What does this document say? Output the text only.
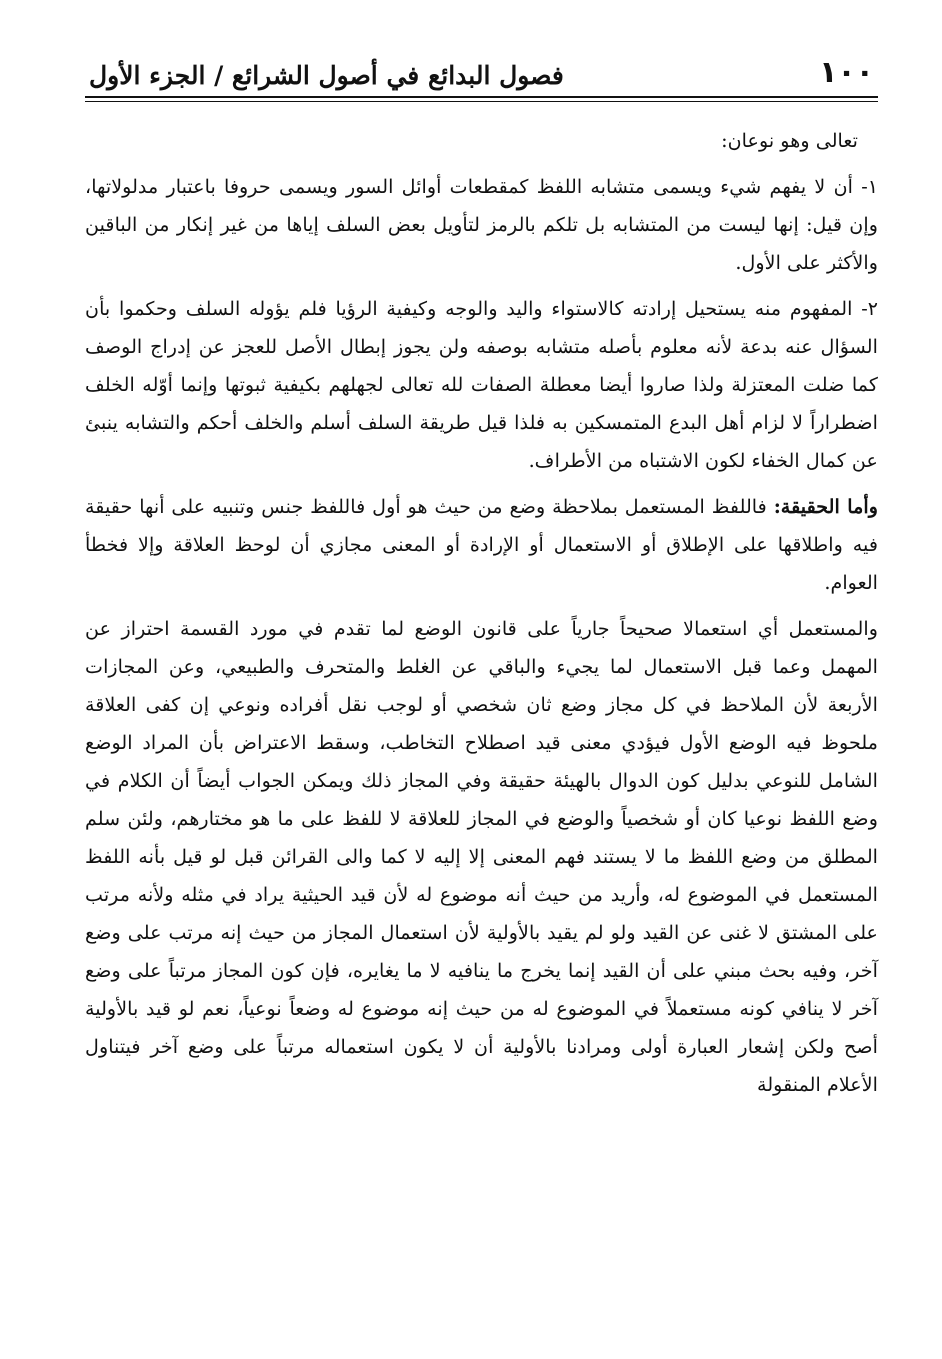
١٠٠
فصول البدائع في أصول الشرائع / الجزء الأول

تعالى وهو نوعان:

١- أن لا يفهم شيء ويسمى متشابه اللفظ كمقطعات أوائل السور ويسمى حروفا باعتبار مدلولاتها، وإن قيل: إنها ليست من المتشابه بل تلكم بالرمز لتأويل بعض السلف إياها من غير إنكار من الباقين والأكثر على الأول.

٢- المفهوم منه يستحيل إرادته كالاستواء واليد والوجه وكيفية الرؤيا فلم يؤوله السلف وحكموا بأن السؤال عنه بدعة لأنه معلوم بأصله متشابه بوصفه ولن يجوز إبطال الأصل للعجز عن إدراج الوصف كما ضلت المعتزلة ولذا صاروا أيضا معطلة الصفات لله تعالى لجهلهم بكيفية ثبوتها وإنما أوّله الخلف اضطراراً لا لزام أهل البدع المتمسكين به فلذا قيل طريقة السلف أسلم والخلف أحكم والتشابه ينبئ عن كمال الخفاء لكون الاشتباه من الأطراف.

وأما الحقيقة: فاللفظ المستعمل بملاحظة وضع من حيث هو أول فاللفظ جنس وتنبيه على أنها حقيقة فيه واطلاقها على الإطلاق أو الاستعمال أو الإرادة أو المعنى مجازي أن لوحظ العلاقة وإلا فخطأ العوام.

والمستعمل أي استعمالا صحيحاً جارياً على قانون الوضع لما تقدم في مورد القسمة احتراز عن المهمل وعما قبل الاستعمال لما يجيء والباقي عن الغلط والمتحرف والطبيعي، وعن المجازات الأربعة لأن الملاحظ في كل مجاز وضع ثان شخصي أو لوجب نقل أفراده ونوعي إن كفى العلاقة ملحوظ فيه الوضع الأول فيؤدي معنى قيد اصطلاح التخاطب، وسقط الاعتراض بأن المراد الوضع الشامل للنوعي بدليل كون الدوال بالهيئة حقيقة وفي المجاز ذلك ويمكن الجواب أيضاً أن الكلام في وضع اللفظ نوعيا كان أو شخصياً والوضع في المجاز للعلاقة لا للفظ على ما هو مختارهم، ولئن سلم المطلق من وضع اللفظ ما لا يستند فهم المعنى إلا إليه لا كما والى القرائن قبل لو قيل بأنه اللفظ المستعمل في الموضوع له، وأريد من حيث أنه موضوع له لأن قيد الحيثية يراد في مثله ولأنه مرتب على المشتق لا غنى عن القيد ولو لم يقيد بالأولية لأن استعمال المجاز من حيث إنه مرتب على وضع آخر، وفيه بحث مبني على أن القيد إنما يخرج ما ينافيه لا ما يغايره، فإن كون المجاز مرتباً على وضع آخر لا ينافي كونه مستعملاً في الموضوع له من حيث إنه موضوع له وضعاً نوعياً، نعم لو قيد بالأولية أصح ولكن إشعار العبارة أولى ومرادنا بالأولية أن لا يكون استعماله مرتباً على وضع آخر فيتناول الأعلام المنقولة
